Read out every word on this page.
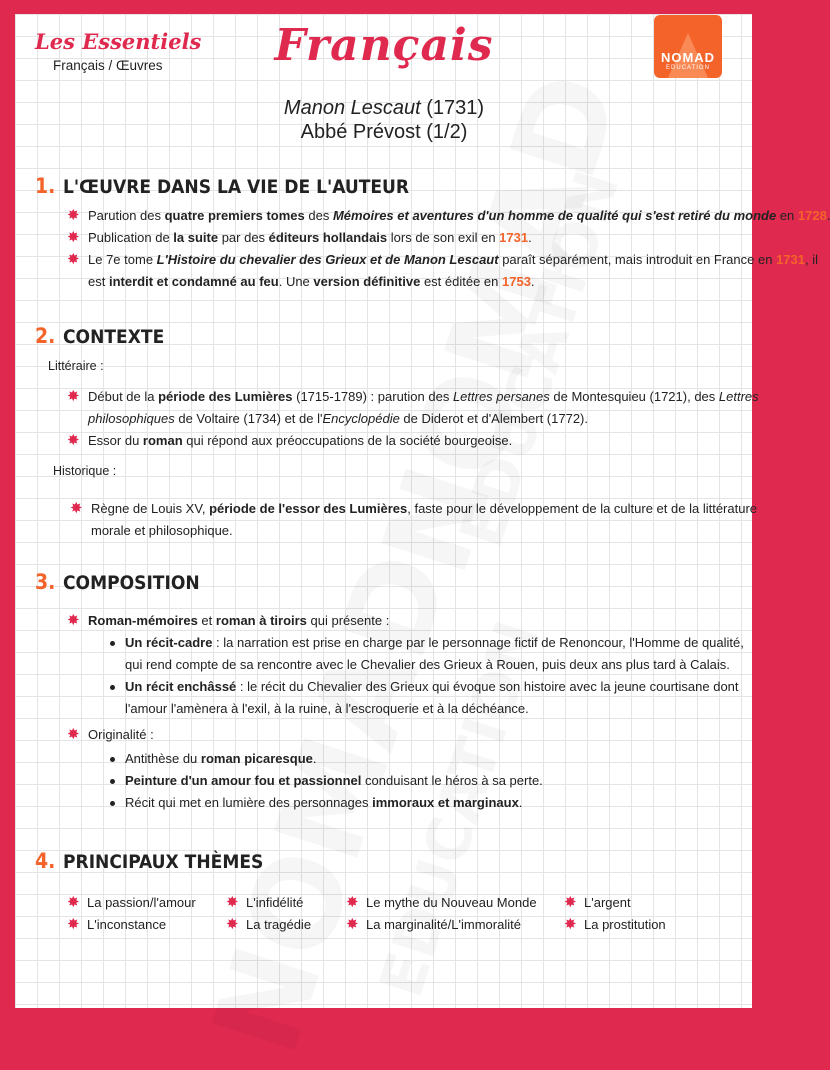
Les Essentiels
Français / Œuvres	Français	NOMAD
EDUCATION
Manon Lescaut (1731)
Abbé Prévost (1/2)
1. L'ŒUVRE DANS LA VIE DE L'AUTEUR
✸ Parution des quatre premiers tomes des Mémoires et aventures d'un homme de qualité qui s'est retiré du monde en 1728
✸ Publication de la suite par des éditeurs hollandais lors de son exil en 1731.
✸ Le 7e tome L'Histoire du chevalier des Grieux et de Manon Lescaut paraît séparément, mais introduit en France en 1731, il
est interdit et condamné au feu. Une version définitive est éditée en 1753.
2. CONTEXTE
Littéraire :
✸ Début de la période des Lumières (1715-1789) : parution des Lettres persanes de Montesquieu (1721), des Lettres
philosophiques de Voltaire (1734) et de l'Encyclopédie de Diderot et d'Alembert (1772).
✸ Essor du roman qui répond aux préoccupations de la société bourgeoise.
Historique :
✸ Règne de Louis XV, période de l'essor des Lumières, faste pour le développement de la culture et de la littérature
morale et philosophique.
3. COMPOSITION
✸ Roman-mémoires et roman à tiroirs qui présente :
Un récit-cadre : la narration est prise en charge par le personnage fictif de Renoncour, l'Homme de qualité,
qui rend compte de sa rencontre avec le Chevalier des Grieux à Rouen, puis deux ans plus tard à Calais.
Un récit enchâssé : le récit du Chevalier des Grieux qui évoque son histoire avec la jeune courtisane dont
l'amour l'amènera à l'exil, à la ruine, à l'escroquerie et à la déchéance.
✸ Originalité :
Antithèse du roman picaresque.
Peinture d'un amour fou et passionnel conduisant le héros à sa perte.
Récit qui met en lumière des personnages immoraux et marginaux.
4. PRINCIPAUX THÈMES
✸ La passion/l'amour ✸ L'infidélité	✸ Le mythe du Nouveau Monde ✸ L'argent
✸ L'inconstance	✸ La tragédie ✸ La marginalité/L'immoralité	✸ La prostitution
